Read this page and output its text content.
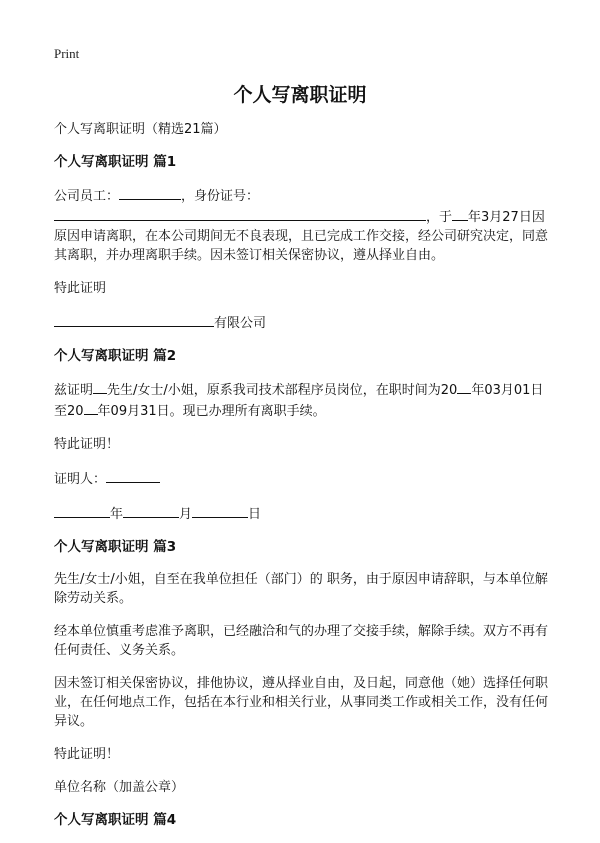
Print
个人写离职证明
个人写离职证明（精选21篇）
个人写离职证明 篇1
公司员工：	，身份证号：
，于 年3月27日因
原因申请离职，在本公司期间无不良表现，且已完成工作交接，经公司研究决定，同意其离职，并办理离职手续。因未签订相关保密协议，遵从择业自由。
特此证明
有限公司
个人写离职证明 篇2
兹证明 先生/女士/小姐，原系我司技术部程序员岗位，在职时间为20 年03月01日至20 年09月31日。现已办理所有离职手续。
特此证明！
证明人：
年	月	日
个人写离职证明 篇3
先生/女士/小姐，自至在我单位担任（部门）的 职务，由于原因申请辞职，与本单位解除劳动关系。
经本单位慎重考虑准予离职，已经融洽和气的办理了交接手续，解除手续。双方不再有任何责任、义务关系。
因未签订相关保密协议，排他协议，遵从择业自由，及日起，同意他（她）选择任何职业，在任何地点工作，包括在本行业和相关行业，从事同类工作或相关工作，没有任何异议。
特此证明！
单位名称（加盖公章）
个人写离职证明 篇4
